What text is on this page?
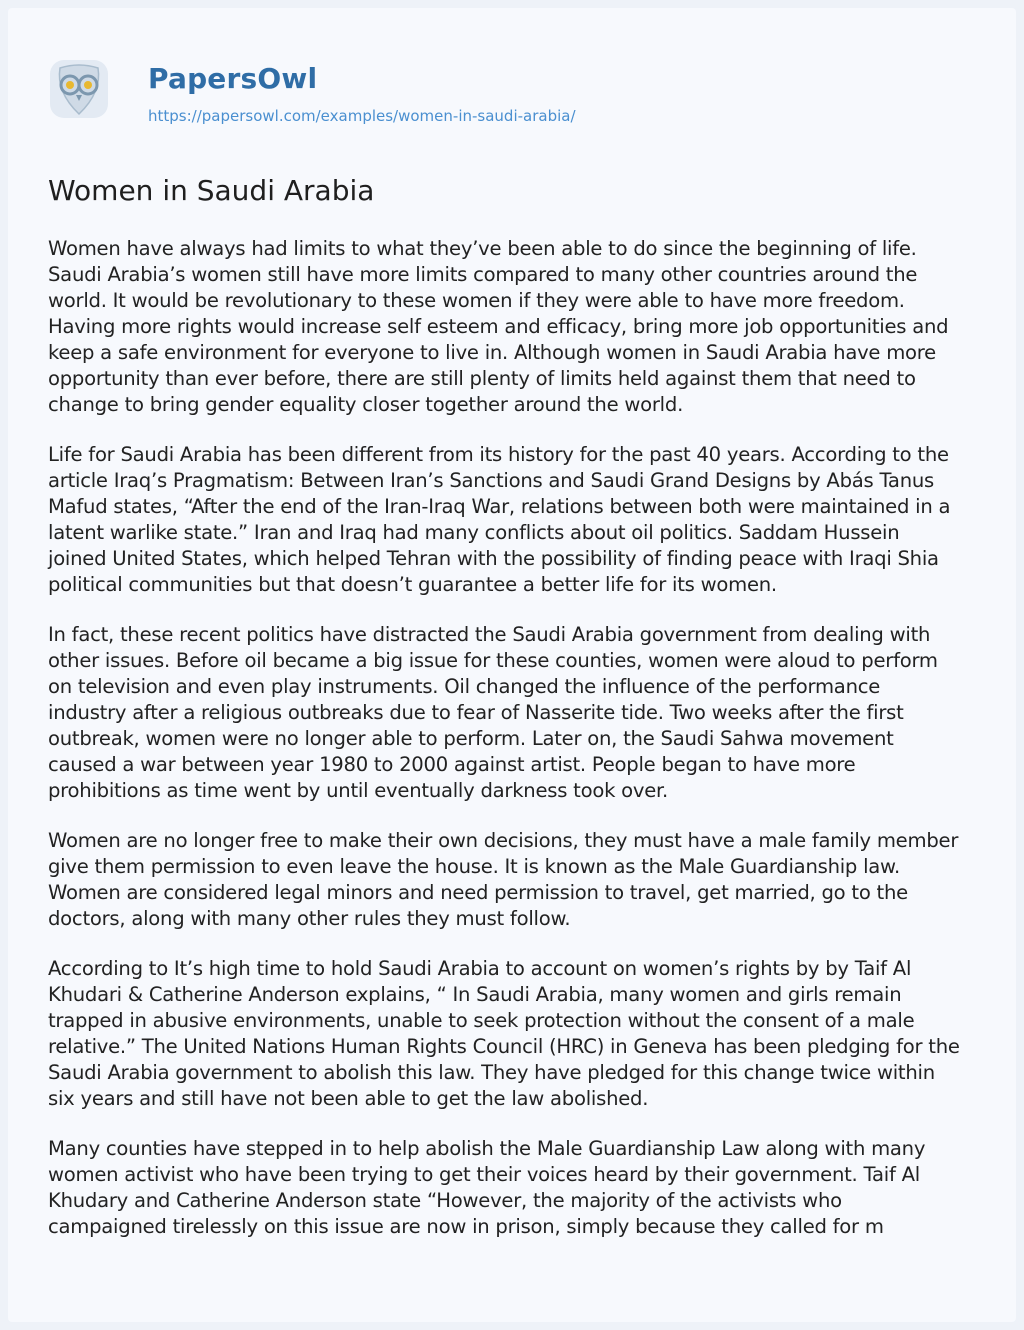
PapersOwl
https://papersowl.com/examples/women-in-saudi-arabia/
Women in Saudi Arabia

Women have always had limits to what they’ve been able to do since the beginning of life.
Saudi Arabia’s women still have more limits compared to many other countries around the
world. It would be revolutionary to these women if they were able to have more freedom.
Having more rights would increase self esteem and efficacy, bring more job opportunities and
keep a safe environment for everyone to live in. Although women in Saudi Arabia have more
opportunity than ever before, there are still plenty of limits held against them that need to
change to bring gender equality closer together around the world.

Life for Saudi Arabia has been different from its history for the past 40 years. According to the
article Iraq’s Pragmatism: Between Iran’s Sanctions and Saudi Grand Designs by Abás Tanus
Mafud states, “After the end of the Iran-Iraq War, relations between both were maintained in a
latent warlike state.” Iran and Iraq had many conflicts about oil politics. Saddam Hussein
joined United States, which helped Tehran with the possibility of finding peace with Iraqi Shia
political communities but that doesn’t guarantee a better life for its women.

In fact, these recent politics have distracted the Saudi Arabia government from dealing with
other issues. Before oil became a big issue for these counties, women were aloud to perform
on television and even play instruments. Oil changed the influence of the performance
industry after a religious outbreaks due to fear of Nasserite tide. Two weeks after the first
outbreak, women were no longer able to perform. Later on, the Saudi Sahwa movement
caused a war between year 1980 to 2000 against artist. People began to have more
prohibitions as time went by until eventually darkness took over.

Women are no longer free to make their own decisions, they must have a male family member
give them permission to even leave the house. It is known as the Male Guardianship law.
Women are considered legal minors and need permission to travel, get married, go to the
doctors, along with many other rules they must follow.

According to It’s high time to hold Saudi Arabia to account on women’s rights by by Taif Al
Khudari & Catherine Anderson explains, “ In Saudi Arabia, many women and girls remain
trapped in abusive environments, unable to seek protection without the consent of a male
relative.” The United Nations Human Rights Council (HRC) in Geneva has been pledging for the
Saudi Arabia government to abolish this law. They have pledged for this change twice within
six years and still have not been able to get the law abolished.

Many counties have stepped in to help abolish the Male Guardianship Law along with many
women activist who have been trying to get their voices heard by their government. Taif Al
Khudary and Catherine Anderson state “However, the majority of the activists who
campaigned tirelessly on this issue are now in prison, simply because they called for m
